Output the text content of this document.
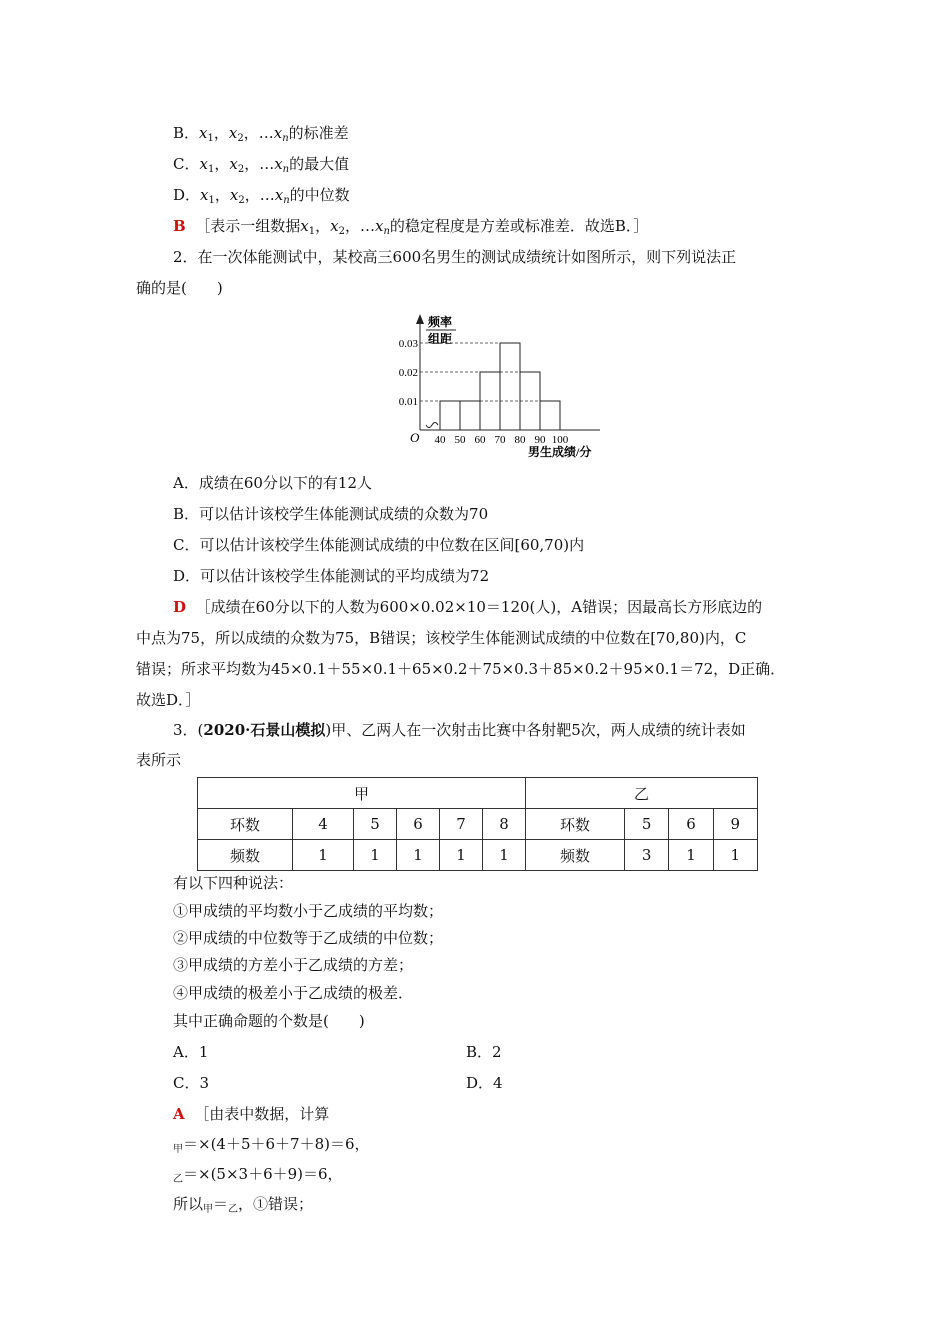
B．$x_1$，$x_2$，$\dots x_n$的标准差
C．$x_1$，$x_2$，$\dots x_n$的最大值
D．$x_1$，$x_2$，$\dots x_n$的中位数
B ［表示一组数据$x_1$，$x_2$，$\dots x_n$的稳定程度是方差或标准差．故选B．］
2．在一次体能测试中，某校高三600名男生的测试成绩统计如图所示，则下列说法正
确的是(　　)
频率
组距
O
男生成绩/分
0.01
0.02
0.03
40 50 60 70 80 90 100
A．成绩在60分以下的有12人
B．可以估计该校学生体能测试成绩的众数为70
C．可以估计该校学生体能测试成绩的中位数在区间[60,70)内
D．可以估计该校学生体能测试的平均成绩为72
D ［成绩在60分以下的人数为600×0.02×10＝120(人)，A错误；因最高长方形底边的
中点为75，所以成绩的众数为75，B错误；该校学生体能测试成绩的中位数在[70,80)内，C
错误；所求平均数为45×0.1＋55×0.1＋65×0.2＋75×0.3＋85×0.2＋95×0.1＝72，D正确．
故选D．］
3．(2020·石景山模拟)甲、乙两人在一次射击比赛中各射靶5次，两人成绩的统计表如
表所示
甲						乙			
环数	4	5	6	7	8	环数	5	6	9
频数	1	1	1	1	1	频数	3	1	1
有以下四种说法：
①甲成绩的平均数小于乙成绩的平均数；
②甲成绩的中位数等于乙成绩的中位数；
③甲成绩的方差小于乙成绩的方差；
④甲成绩的极差小于乙成绩的极差．
其中正确命题的个数是(　　)
A．1	B．2
C．3	D．4
A ［由表中数据，计算
$_甲$＝×(4＋5＋6＋7＋8)＝6，
$_乙$＝×(5×3＋6＋9)＝6，
所以$_甲=_乙$，①错误；
